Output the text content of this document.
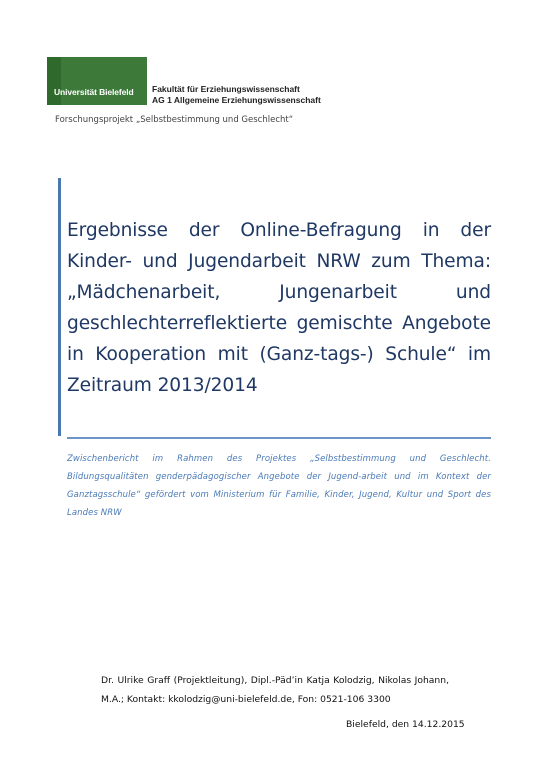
Universität Bielefeld	Fakultät für Erziehungswissenschaft
AG 1 Allgemeine Erziehungswissenschaft
Forschungsprojekt „Selbstbestimmung und Geschlecht“
Ergebnisse der Online-Befragung in der Kinder- und Jugendarbeit NRW zum Thema: „Mädchenarbeit, Jungenarbeit und geschlechterreflektierte gemischte Angebote in Kooperation mit (Ganz-tags-) Schule“ im Zeitraum 2013/2014

Zwischenbericht im Rahmen des Projektes „Selbstbestimmung und Geschlecht. Bildungsqualitäten genderpädagogischer Angebote der Jugend-arbeit und im Kontext der Ganztagsschule“ gefördert vom Ministerium für Familie, Kinder, Jugend, Kultur und Sport des Landes NRW

Dr. Ulrike Graff (Projektleitung), Dipl.-Päd’in Katja Kolodzig, Nikolas Johann, M.A.; Kontakt: kkolodzig@uni-bielefeld.de, Fon: 0521-106 3300

Bielefeld, den 14.12.2015
